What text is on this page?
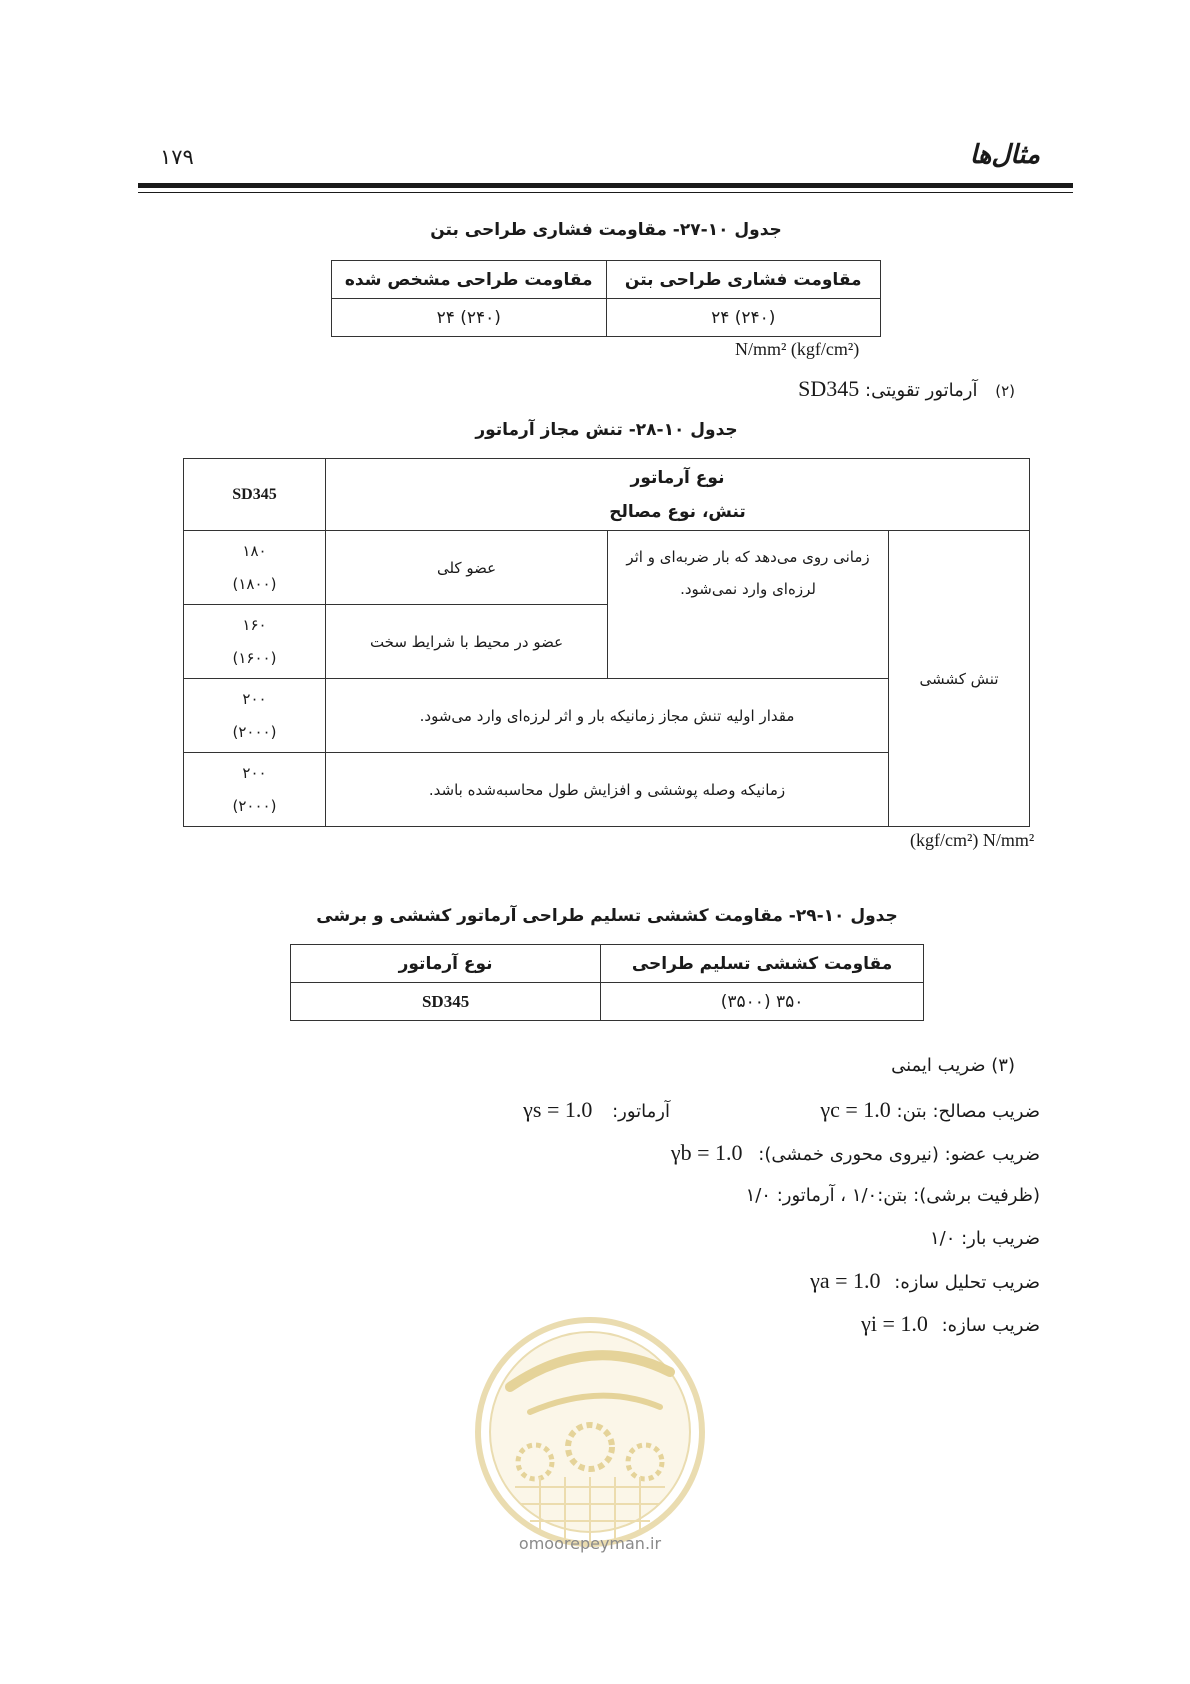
مثال‌ها
۱۷۹
جدول ۱۰-۲۷- مقاومت فشاری طراحی بتن
مقاومت فشاری طراحی بتن	مقاومت طراحی مشخص شده
(۲۴۰) ۲۴	(۲۴۰) ۲۴
N/mm² (kgf/cm²)
(۲) آرماتور تقویتی: SD345
جدول ۱۰-۲۸- تنش مجاز آرماتور
نوع آرماتور
تنش، نوع مصالح			SD345
تنش کششی	زمانی روی می‌دهد که بار ضربه‌ای و اثر لرزه‌ای وارد نمی‌شود.	عضو کلی	۱۸۰
(۱۸۰۰)

		عضو در محیط با شرایط سخت	۱۶۰
(۱۶۰۰)

	مقدار اولیه تنش مجاز زمانیکه بار و اثر لرزه‌ای وارد می‌شود.		۲۰۰
(۲۰۰۰)

	زمانیکه وصله پوششی و افزایش طول محاسبه‌شده باشد.		۲۰۰
(۲۰۰۰)
(kgf/cm²) N/mm²
جدول ۱۰-۲۹- مقاومت کششی تسلیم طراحی آرماتور کششی و برشی
مقاومت کششی تسلیم طراحی	نوع آرماتور
۳۵۰ (۳۵۰۰)	SD345
(۳) ضریب ایمنی
ضریب مصالح: بتن: γc = 1.0
آرماتور: γs = 1.0
ضریب عضو: (نیروی محوری خمشی): γb = 1.0
(ظرفیت برشی): بتن:۱/۰ ، آرماتور: ۱/۰
ضریب بار: ۱/۰
ضریب تحلیل سازه: γa = 1.0
ضریب سازه: γi = 1.0
omoorepeyman.ir
